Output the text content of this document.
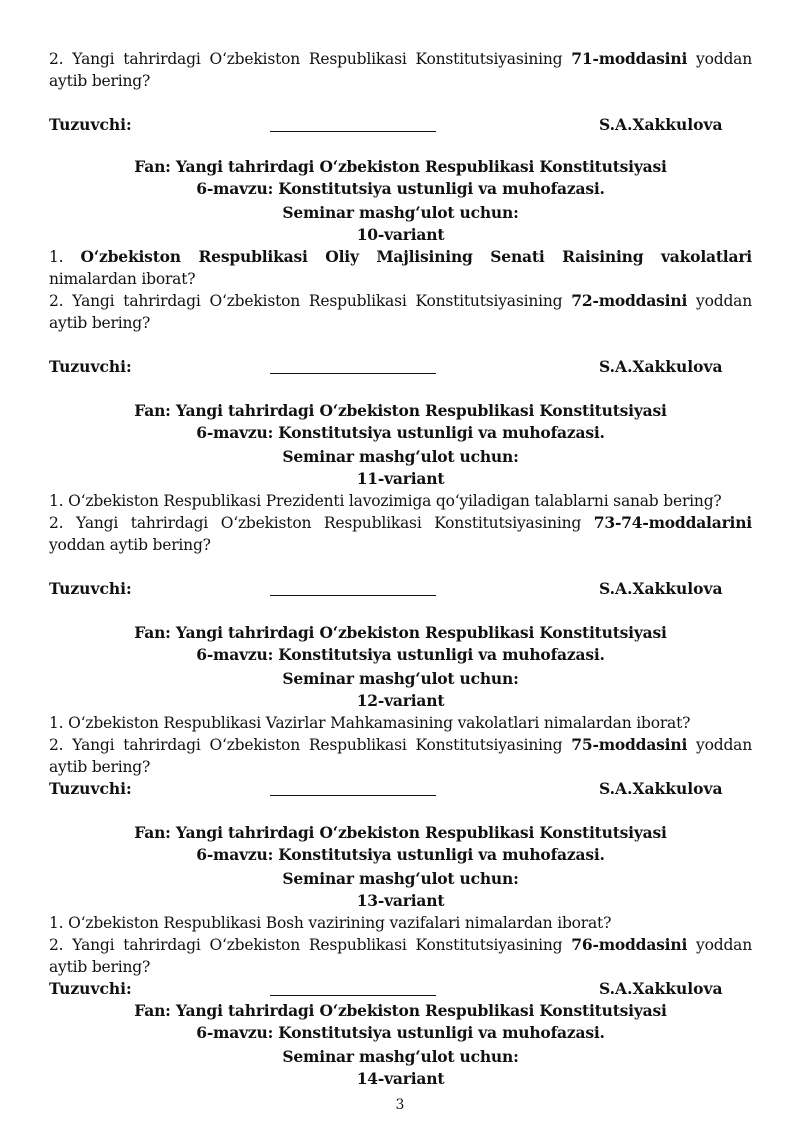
2. Yangi tahrirdagi O‘zbekiston Respublikasi Konstitutsiyasining 71-moddasini yoddan aytib bering?

Tuzuvchi:	S.A.Xakkulova

Fan: Yangi tahrirdagi O‘zbekiston Respublikasi Konstitutsiyasi

6-mavzu: Konstitutsiya ustunligi va muhofazasi.

Seminar mashg‘ulot uchun:

10-variant

1. O‘zbekiston Respublikasi Oliy Majlisining Senati Raisining vakolatlari nimalardan iborat?

2. Yangi tahrirdagi O‘zbekiston Respublikasi Konstitutsiyasining 72-moddasini yoddan aytib bering?

Tuzuvchi:	S.A.Xakkulova

Fan: Yangi tahrirdagi O‘zbekiston Respublikasi Konstitutsiyasi

6-mavzu: Konstitutsiya ustunligi va muhofazasi.

Seminar mashg‘ulot uchun:

11-variant

1. O‘zbekiston Respublikasi Prezidenti lavozimiga qo‘yiladigan talablarni sanab bering?

2. Yangi tahrirdagi O‘zbekiston Respublikasi Konstitutsiyasining 73-74-moddalarini yoddan aytib bering?

Tuzuvchi:	S.A.Xakkulova

Fan: Yangi tahrirdagi O‘zbekiston Respublikasi Konstitutsiyasi

6-mavzu: Konstitutsiya ustunligi va muhofazasi.

Seminar mashg‘ulot uchun:

12-variant

1. O‘zbekiston Respublikasi Vazirlar Mahkamasining vakolatlari nimalardan iborat?

2. Yangi tahrirdagi O‘zbekiston Respublikasi Konstitutsiyasining 75-moddasini yoddan aytib bering?

Tuzuvchi:	S.A.Xakkulova

Fan: Yangi tahrirdagi O‘zbekiston Respublikasi Konstitutsiyasi

6-mavzu: Konstitutsiya ustunligi va muhofazasi.

Seminar mashg‘ulot uchun:

13-variant

1. O‘zbekiston Respublikasi Bosh vazirining vazifalari nimalardan iborat?

2. Yangi tahrirdagi O‘zbekiston Respublikasi Konstitutsiyasining 76-moddasini yoddan aytib bering?

Tuzuvchi:	S.A.Xakkulova

Fan: Yangi tahrirdagi O‘zbekiston Respublikasi Konstitutsiyasi

6-mavzu: Konstitutsiya ustunligi va muhofazasi.

Seminar mashg‘ulot uchun:

14-variant

3
